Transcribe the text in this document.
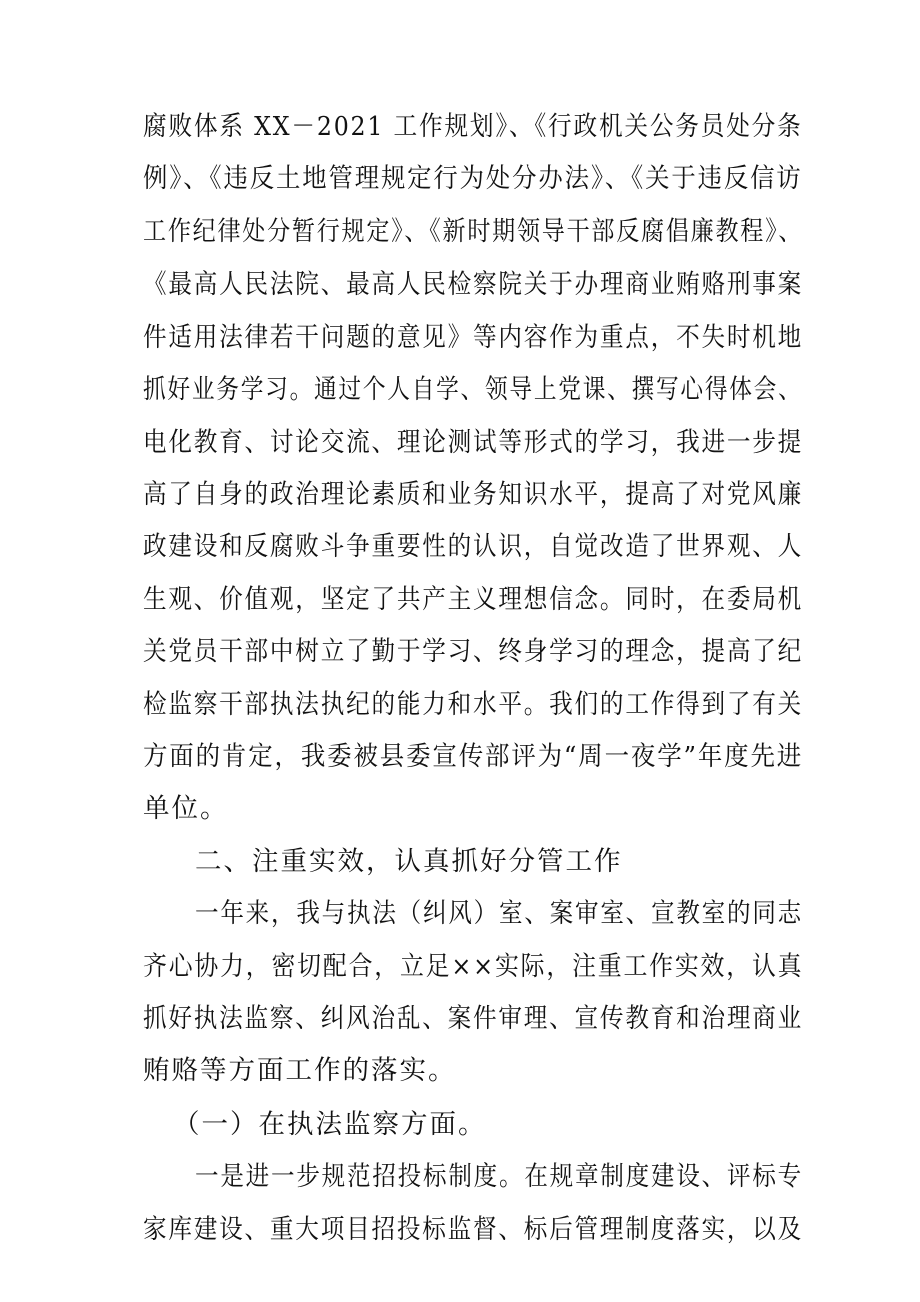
腐败体系 XX－2021 工作规划》、《行政机关公务员处分条
例》、《违反土地管理规定行为处分办法》、《关于违反信访
工作纪律处分暂行规定》、《新时期领导干部反腐倡廉教程》、
《最高人民法院、最高人民检察院关于办理商业贿赂刑事案
件适用法律若干问题的意见》等内容作为重点，不失时机地
抓好业务学习。通过个人自学、领导上党课、撰写心得体会、
电化教育、讨论交流、理论测试等形式的学习，我进一步提
高了自身的政治理论素质和业务知识水平，提高了对党风廉
政建设和反腐败斗争重要性的认识，自觉改造了世界观、人
生观、价值观，坚定了共产主义理想信念。同时，在委局机
关党员干部中树立了勤于学习、终身学习的理念，提高了纪
检监察干部执法执纪的能力和水平。我们的工作得到了有关
方面的肯定，我委被县委宣传部评为“周一夜学”年度先进
单位。
二、注重实效，认真抓好分管工作
一年来，我与执法（纠风）室、案审室、宣教室的同志
齐心协力，密切配合，立足××实际，注重工作实效，认真
抓好执法监察、纠风治乱、案件审理、宣传教育和治理商业
贿赂等方面工作的落实。
（一）在执法监察方面。
一是进一步规范招投标制度。在规章制度建设、评标专
家库建设、重大项目招投标监督、标后管理制度落实，以及
